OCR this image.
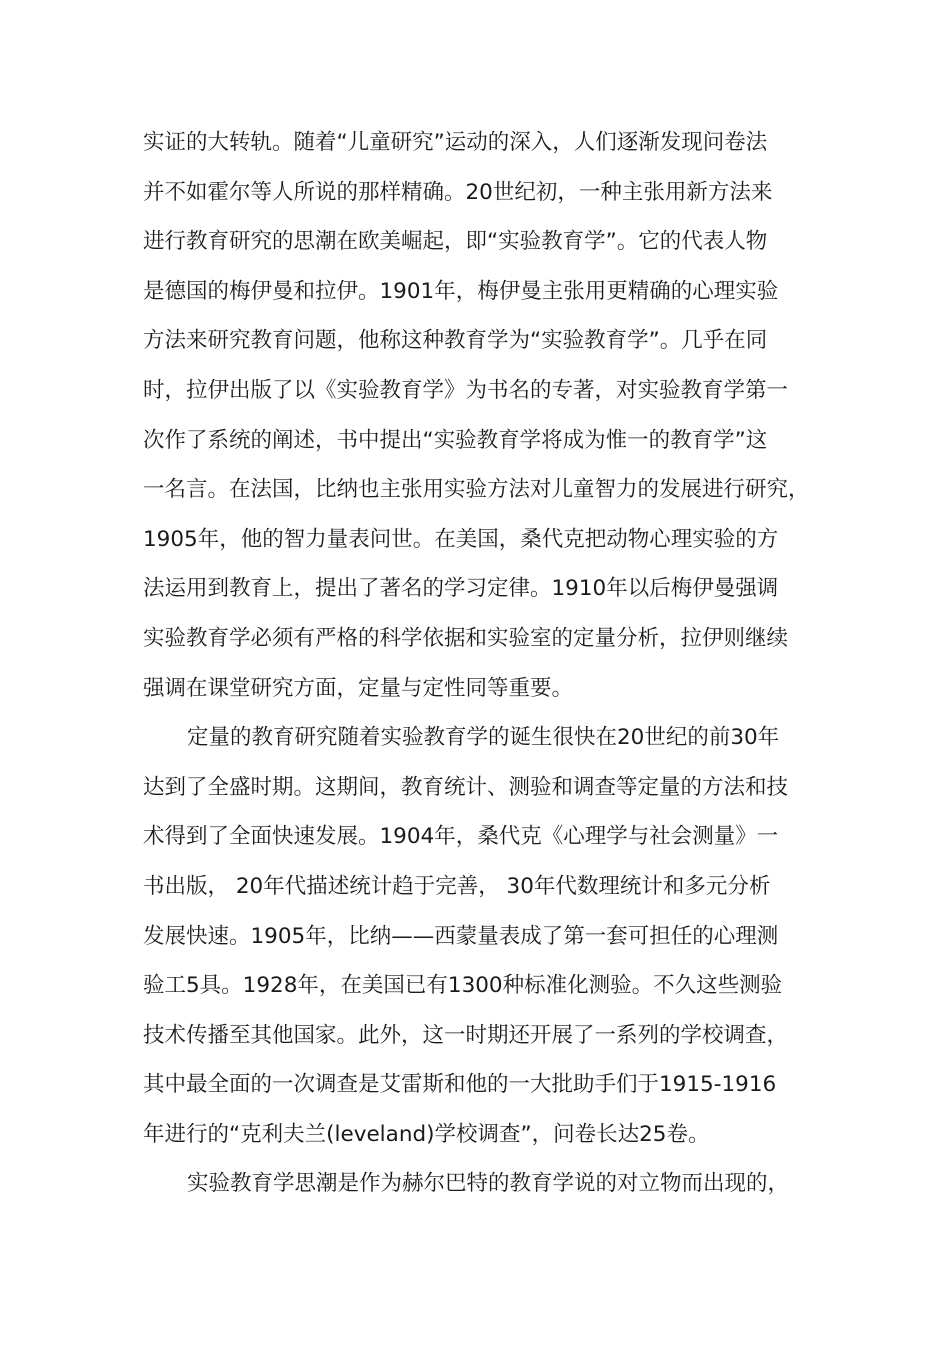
实证的大转轨。随着“儿童研究”运动的深入，人们逐渐发现问卷法
并不如霍尔等人所说的那样精确。20世纪初，一种主张用新方法来
进行教育研究的思潮在欧美崛起，即“实验教育学”。它的代表人物
是德国的梅伊曼和拉伊。1901年，梅伊曼主张用更精确的心理实验
方法来研究教育问题，他称这种教育学为“实验教育学”。几乎在同
时，拉伊出版了以《实验教育学》为书名的专著，对实验教育学第一
次作了系统的阐述，书中提出“实验教育学将成为惟一的教育学”这
一名言。在法国，比纳也主张用实验方法对儿童智力的发展进行研究，
1905年，他的智力量表问世。在美国，桑代克把动物心理实验的方
法运用到教育上，提出了著名的学习定律。1910年以后梅伊曼强调
实验教育学必须有严格的科学依据和实验室的定量分析，拉伊则继续
强调在课堂研究方面，定量与定性同等重要。
定量的教育研究随着实验教育学的诞生很快在20世纪的前30年
达到了全盛时期。这期间，教育统计、测验和调查等定量的方法和技
术得到了全面快速发展。1904年，桑代克《心理学与社会测量》一
书出版， 20年代描述统计趋于完善， 30年代数理统计和多元分析
发展快速。1905年，比纳——西蒙量表成了第一套可担任的心理测
验工5具。1928年，在美国已有1300种标准化测验。不久这些测验
技术传播至其他国家。此外，这一时期还开展了一系列的学校调查，
其中最全面的一次调查是艾雷斯和他的一大批助手们于1915-1916
年进行的“克利夫兰(leveland)学校调查”，问卷长达25卷。
实验教育学思潮是作为赫尔巴特的教育学说的对立物而出现的，
